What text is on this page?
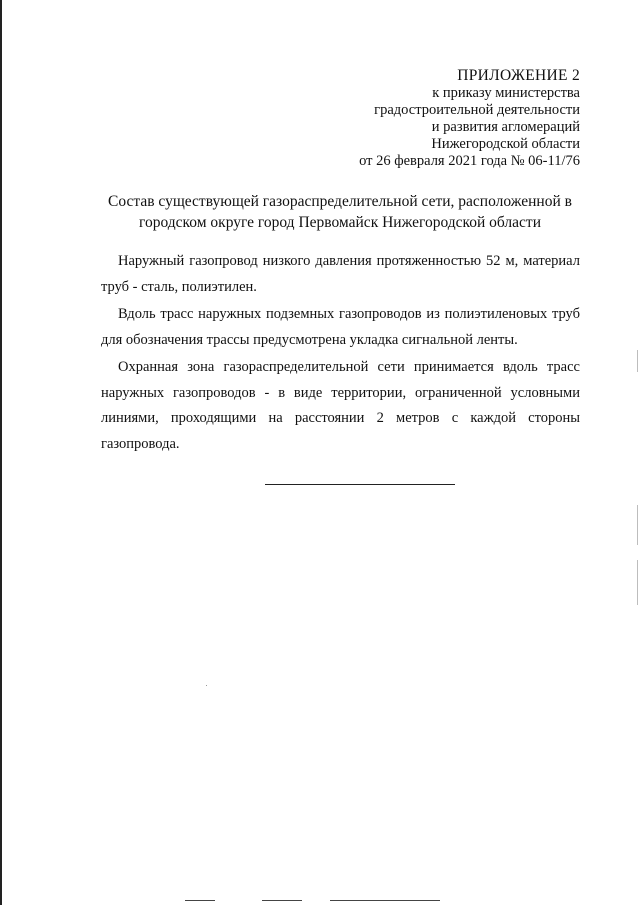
ПРИЛОЖЕНИЕ 2
к приказу министерства
градостроительной деятельности
и развития агломераций
Нижегородской области
от 26 февраля 2021 года № 06-11/76
Состав существующей газораспределительной сети, расположенной в
городском округе город Первомайск Нижегородской области

Наружный газопровод низкого давления протяженностью 52 м, материал труб - сталь, полиэтилен.

Вдоль трасс наружных подземных газопроводов из полиэтиленовых труб для обозначения трассы предусмотрена укладка сигнальной ленты.

Охранная зона газораспределительной сети принимается вдоль трасс наружных газопроводов - в виде территории, ограниченной условными линиями, проходящими на расстоянии 2 метров с каждой стороны газопровода.
